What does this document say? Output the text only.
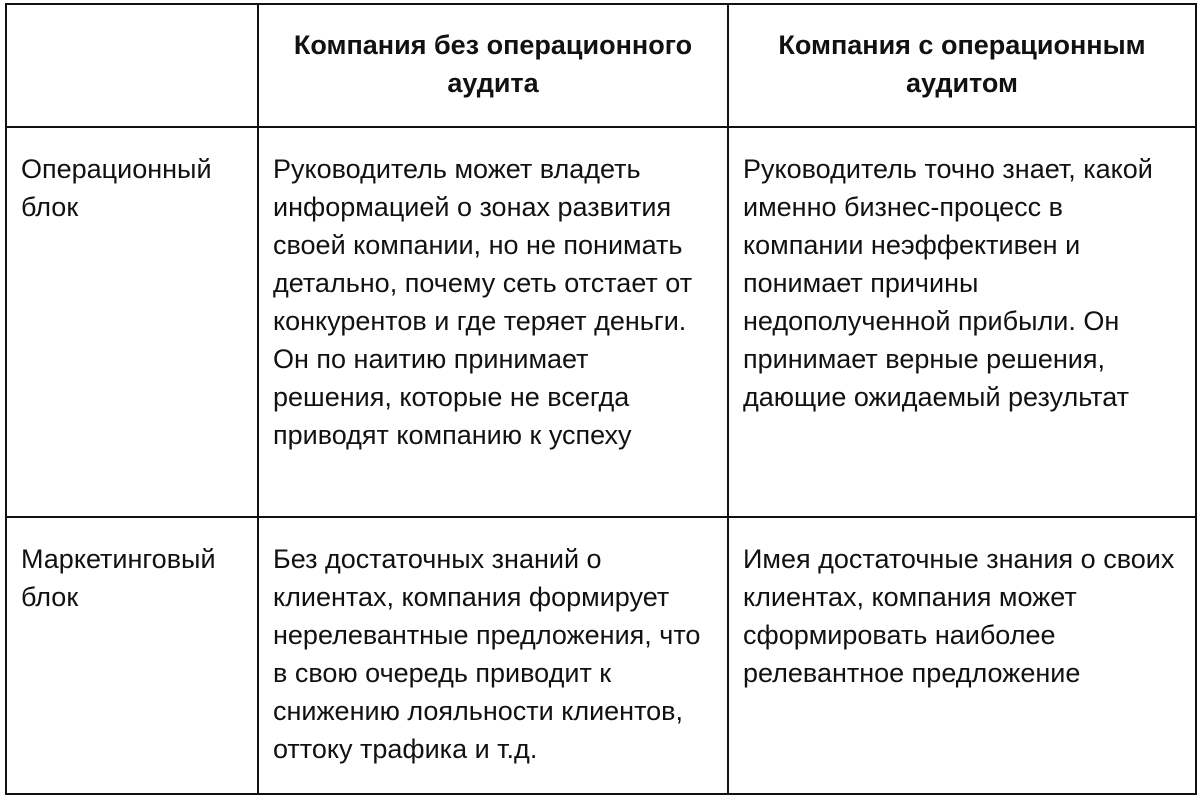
	Компания без операционного аудита	Компания с операционным аудитом
Операционный блок	Руководитель может владеть информацией о зонах развития своей компании, но не понимать детально, почему сеть отстает от конкурентов и где теряет деньги. Он по наитию принимает решения, которые не всегда приводят компанию к успеху	Руководитель точно знает, какой именно бизнес-процесс в компании неэффективен и понимает причины недополученной прибыли. Он принимает верные решения, дающие ожидаемый результат
Маркетинговый блок	Без достаточных знаний о клиентах, компания формирует нерелевантные предложения, что в свою очередь приводит к снижению лояльности клиентов, оттоку трафика и т.д.	Имея достаточные знания о своих клиентах, компания может сформировать наиболее релевантное предложение
